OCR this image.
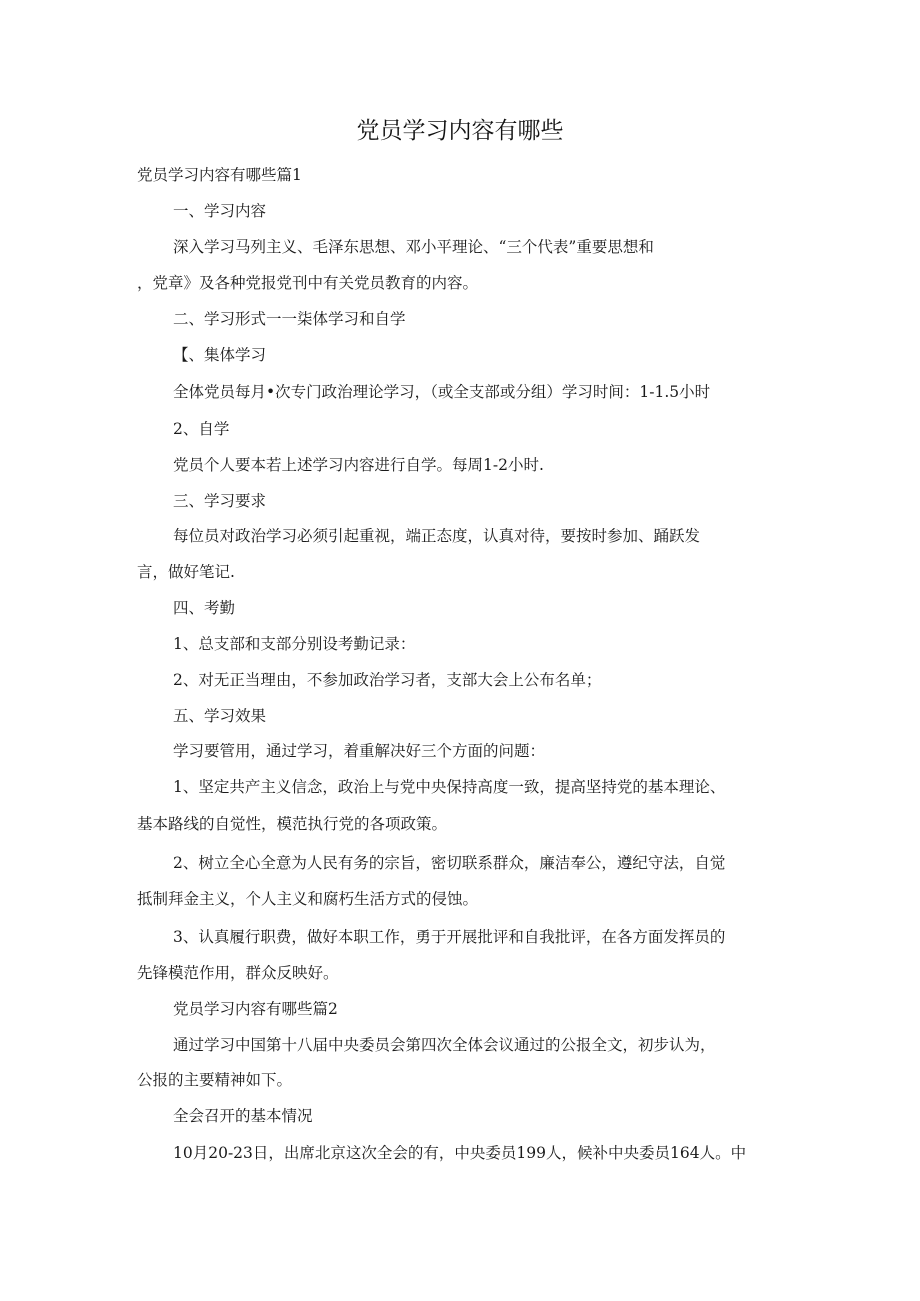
党员学习内容有哪些

党员学习内容有哪些篇1

一、学习内容

深入学习马列主义、毛泽东思想、邓小平理论、“三个代表”重要思想和

，党章》及各种党报党刊中有关党员教育的内容。

二、学习形式一一柒体学习和自学

【、集体学习

全体党员每月•次专门政治理论学习，（或全支部或分组）学习时间：1-1.5小时

2、自学

党员个人要本若上述学习内容进行自学。每周1-2小时.

三、学习要求

每位员对政治学习必须引起重视，端正态度，认真对待，要按时参加、踊跃发

言，做好笔记.

四、考勤

1、总支部和支部分别设考勤记录：

2、对无正当理由，不参加政治学习者，支部大会上公布名单；

五、学习效果

学习要管用，通过学习，着重解决好三个方面的问题：

1、坚定共产主义信念，政治上与党中央保持高度一致，提高坚持党的基本理论、

基本路线的自觉性，模范执行党的各项政策。

2、树立全心全意为人民有务的宗旨，密切联系群众，廉洁奉公，遵纪守法，自觉

抵制拜金主义，个人主义和腐朽生活方式的侵蚀。

3、认真履行职费，做好本职工作，勇于开展批评和自我批评，在各方面发挥员的

先锋模范作用，群众反映好。

党员学习内容有哪些篇2

通过学习中国第十八届中央委员会第四次全体会议通过的公报全文，初步认为，

公报的主要精神如下。

全会召开的基本情况

10月20-23日，出席北京这次全会的有，中央委员199人，候补中央委员164人。中
